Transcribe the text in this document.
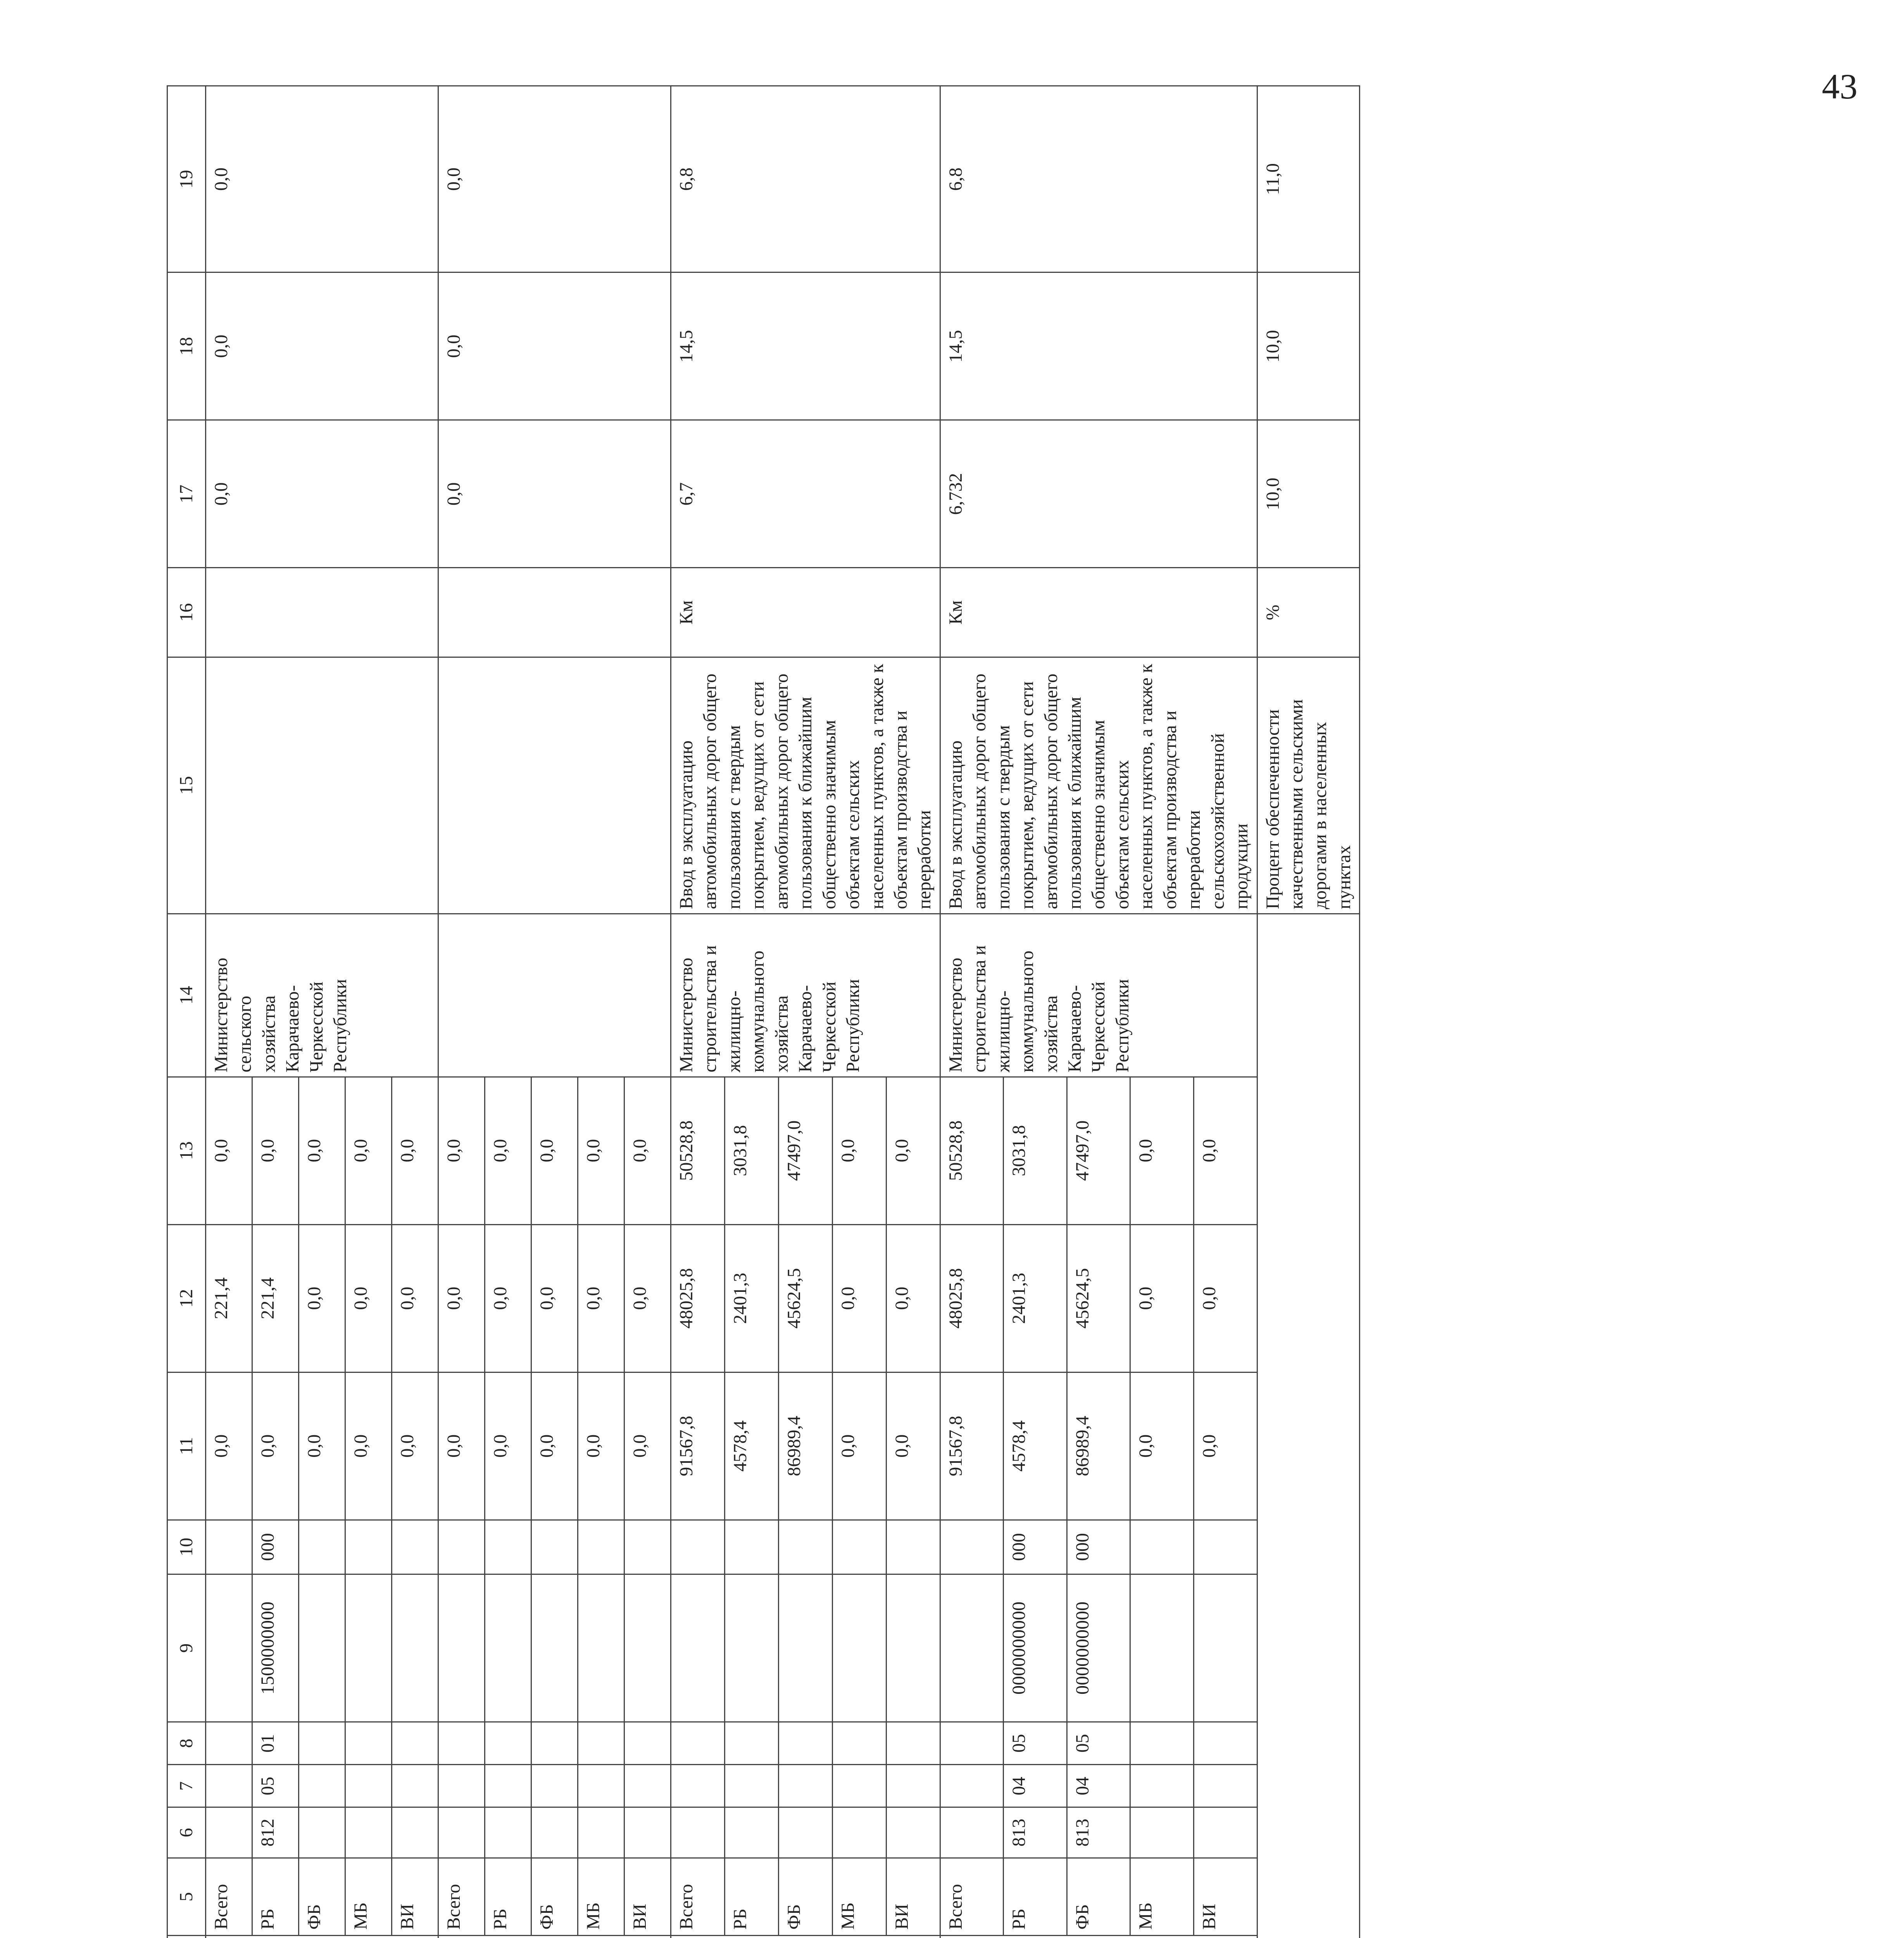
43
				5	6	7	8	9	10	11	12	13	14	15	16	17	18	19
				Всего						0,0	221,4	0,0	Министерство сельского хозяйства Карачаево-Черкесской Республики			0,0	0,0	0,0
				РБ	812	05	01	1500000000	000	0,0	221,4	0,0						
				ФБ						0,0	0,0	0,0						
				МБ						0,0	0,0	0,0						
				ВИ						0,0	0,0	0,0						
				Всего						0,0	0,0	0,0				0,0	0,0	0,0
				РБ						0,0	0,0	0,0						
				ФБ						0,0	0,0	0,0						
				МБ						0,0	0,0	0,0						
				ВИ						0,0	0,0	0,0						
				Всего						91567,8	48025,8	50528,8	Министерство строительства и жилищно-коммунального хозяйства Карачаево-Черкесской Республики	Ввод в эксплуатацию автомобильных дорог общего пользования с твердым покрытием, ведущих от сети автомобильных дорог общего пользования к ближайшим общественно значимым объектам сельских населенных пунктов, а также к объектам производства и переработки	Км	6,7	14,5	6,8
				РБ						4578,4	2401,3	3031,8						
				ФБ						86989,4	45624,5	47497,0						
				МБ						0,0	0,0	0,0						
				ВИ						0,0	0,0	0,0						
				Всего						91567,8	48025,8	50528,8	Министерство строительства и жилищно-коммунального хозяйства Карачаево-Черкесской Республики	Ввод в эксплуатацию автомобильных дорог общего пользования с твердым покрытием, ведущих от сети автомобильных дорог общего пользования к ближайшим общественно значимым объектам сельских населенных пунктов, а также к объектам производства и переработки сельскохозяйственной продукции	Км	6,732	14,5	6,8
				РБ	813	04	05	0000000000	000	4578,4	2401,3	3031,8						
				ФБ	813	04	05	0000000000	000	86989,4	45624,5	47497,0						
				МБ						0,0	0,0	0,0						
				ВИ						0,0	0,0	0,0						
														Процент обеспеченности качественными сельскими дорогами в населенных пунктах	%	10,0	10,0	11,0
